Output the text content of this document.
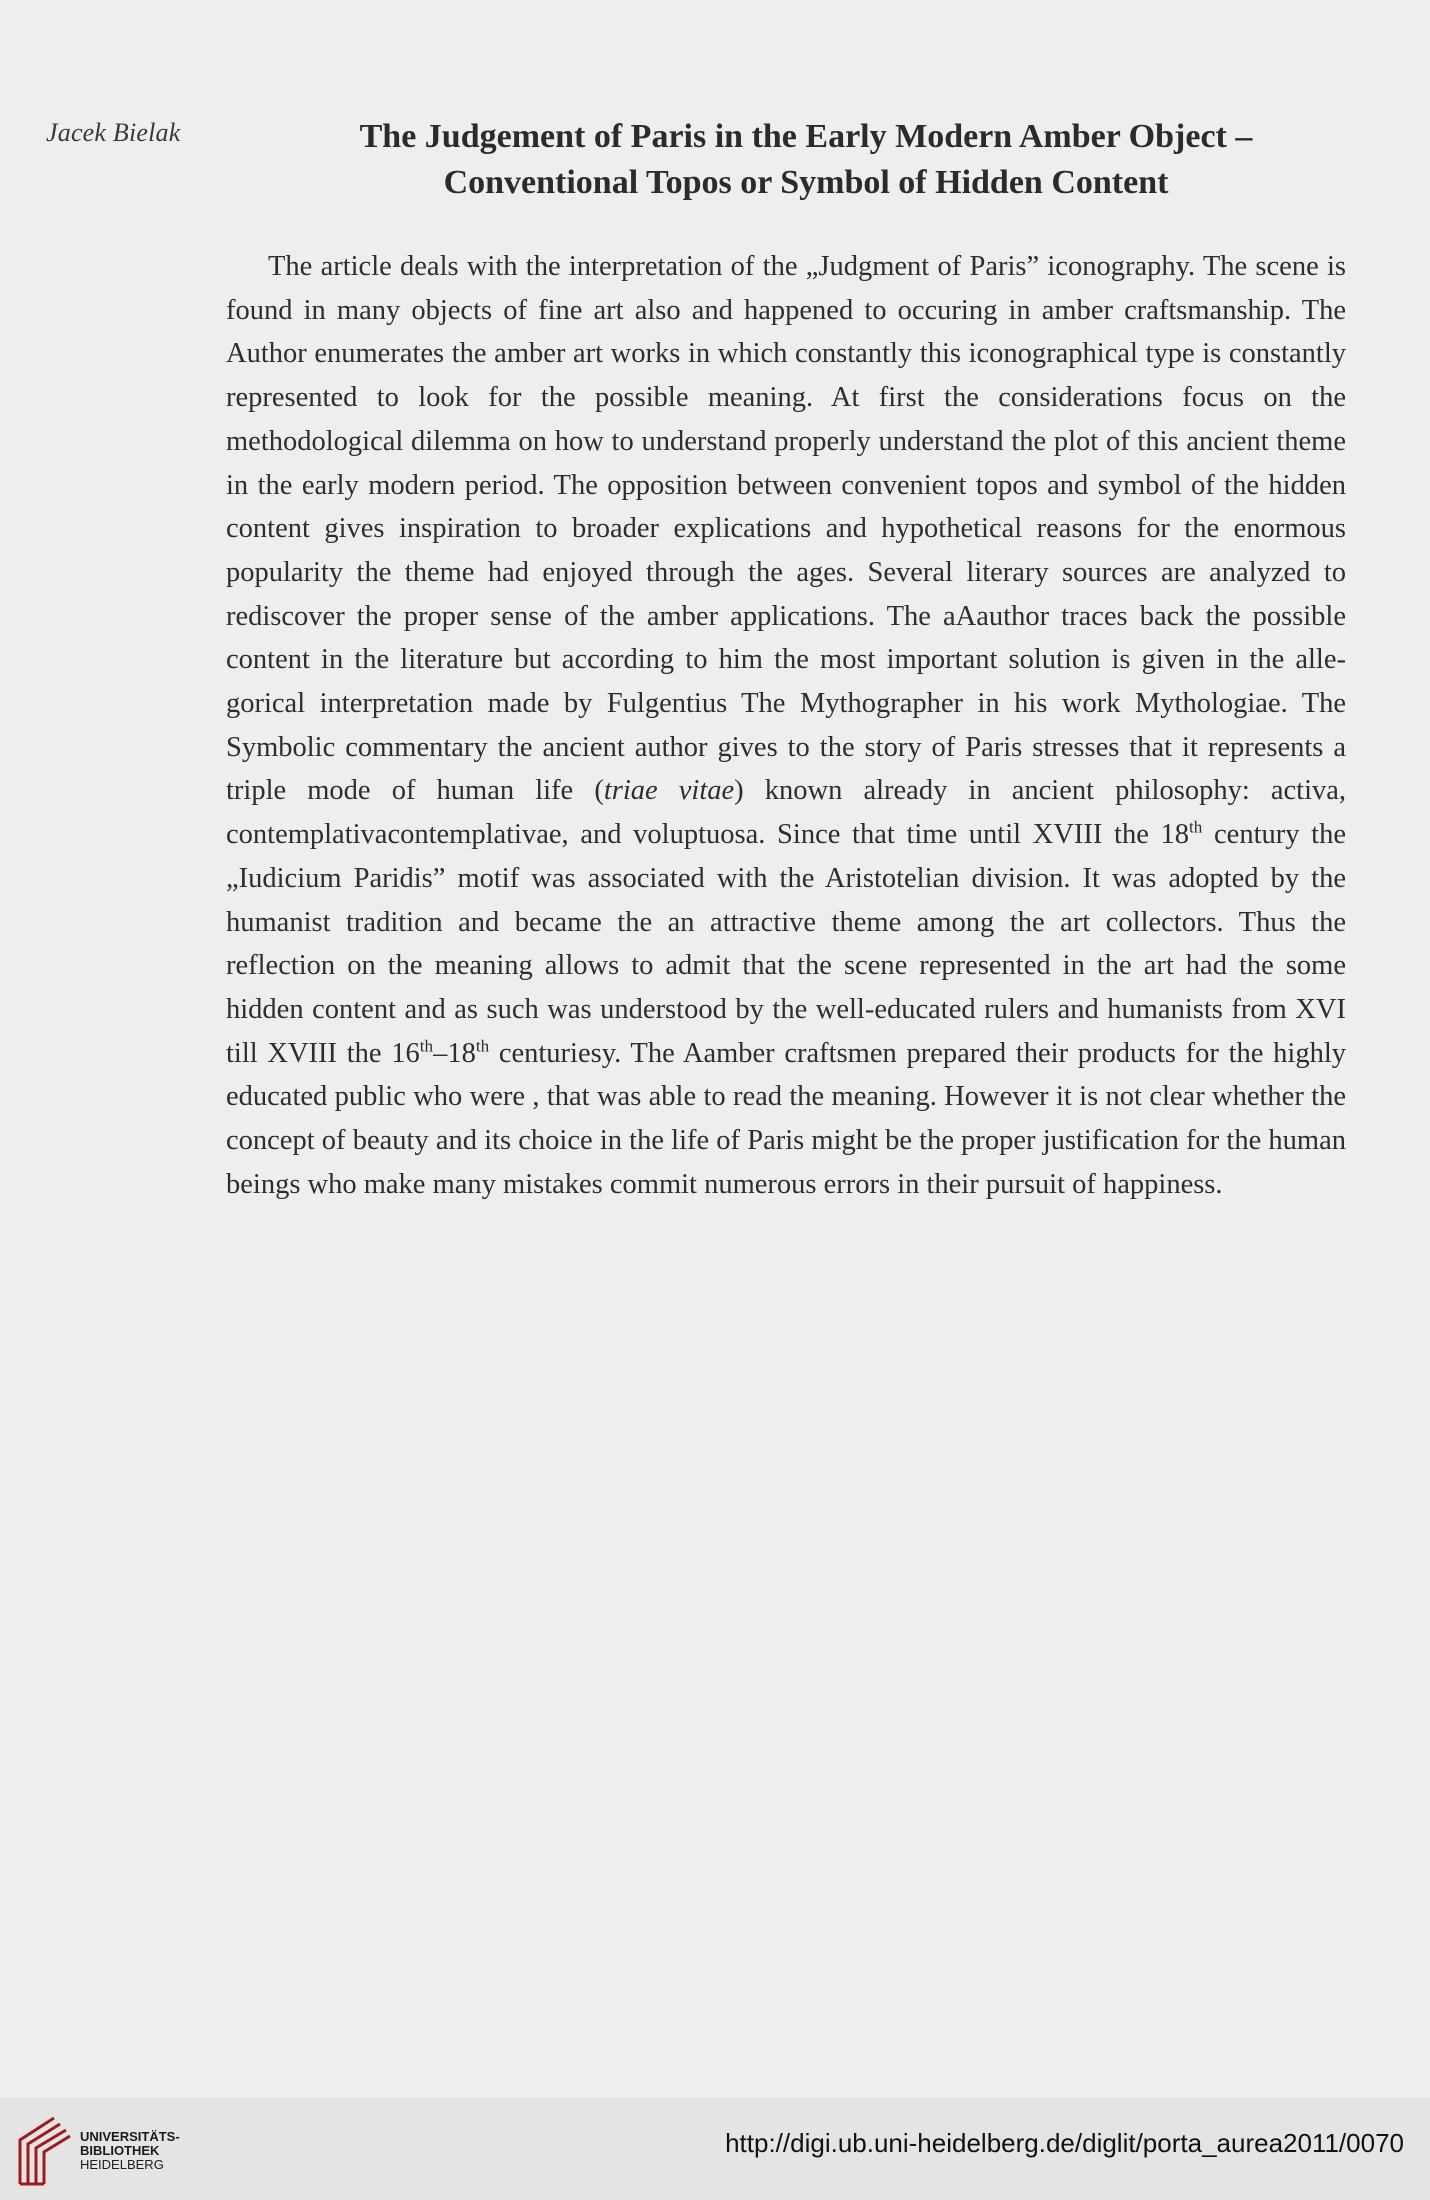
Jacek Bielak	The Judgement of Paris in the Early Modern Amber Object –
Conventional Topos or Symbol of Hidden Content

The article deals with the interpretation of the „Judgment of Paris” iconography. The scene is found in many objects of fine art also and happened to occuring in amber craftsmanship. The Author enumerates the amber art works in which constantly this iconographical type is constantly represented to look for the possible meaning. At first the considerations focus on the methodological dilemma on how to understand properly understand the plot of this ancient theme in the early modern period. The opposition between convenient topos and symbol of the hidden content gives inspiration to broader explications and hypothetical reasons for the enormous popularity the theme had enjoyed through the ages. Several literary sources are analyzed to rediscover the proper sense of the amber applications. The aAauthor traces back the possible content in the literature but according to him the most important solution is given in the allegorical interpretation made by Fulgentius The Mythographer in his work Mythologiae. The Symbolic commentary the ancient author gives to the story of Paris stresses that it represents a triple mode of human life (triae vitae) known already in ancient philosophy: activa, contemplativacontemplativae, and voluptuosa. Since that time until XVIII the 18th century the „Iudicium Paridis” motif was associated with the Aristotelian division. It was adopted by the humanist tradition and became the an attractive theme among the art collectors. Thus the reflection on the meaning allows to admit that the scene represented in the art had the some hidden content and as such was understood by the well-educated rulers and humanists from XVI till XVIII the 16th–18th centuriesy. The Aamber craftsmen prepared their products for the highly educated public who were , that was able to read the meaning. However it is not clear whether the concept of beauty and its choice in the life of Paris might be the proper justification for the human beings who make many mistakes commit numerous errors in their pursuit of happiness.

UNIVERSITÄTS-
BIBLIOTHEK
HEIDELBERG
http://digi.ub.uni-heidelberg.de/diglit/porta_aurea2011/0070
